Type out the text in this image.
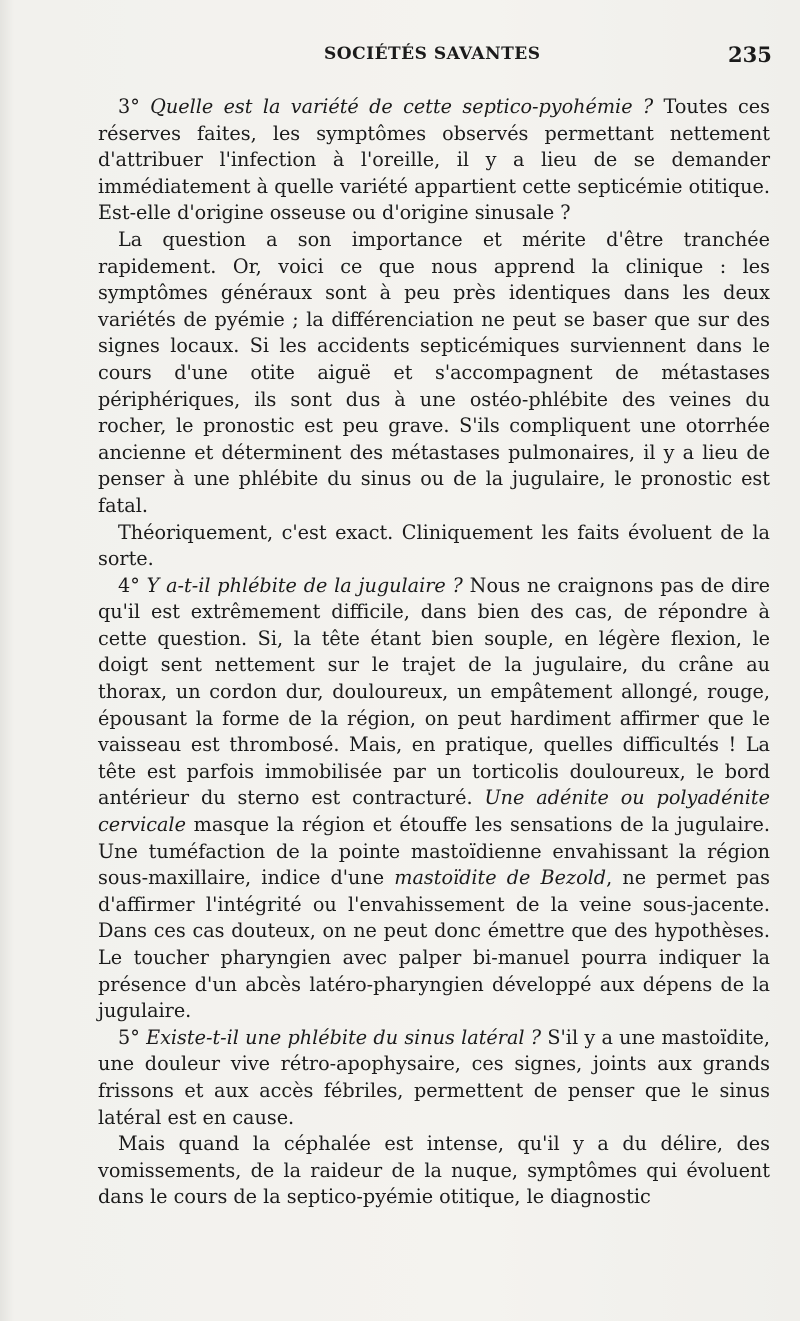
SOCIÉTÉS SAVANTES	235

3° Quelle est la variété de cette septico-pyohémie ? Toutes ces réserves faites, les symptômes observés permettant nettement d'attribuer l'infection à l'oreille, il y a lieu de se demander immédiatement à quelle variété appartient cette septicémie otitique. Est-elle d'origine osseuse ou d'origine sinusale ?

La question a son importance et mérite d'être tranchée rapidement. Or, voici ce que nous apprend la clinique : les symptômes généraux sont à peu près identiques dans les deux variétés de pyémie ; la différenciation ne peut se baser que sur des signes locaux. Si les accidents septicémiques surviennent dans le cours d'une otite aiguë et s'accompagnent de métastases périphériques, ils sont dus à une ostéo-phlébite des veines du rocher, le pronostic est peu grave. S'ils compliquent une otorrhée ancienne et déterminent des métastases pulmonaires, il y a lieu de penser à une phlébite du sinus ou de la jugulaire, le pronostic est fatal.

Théoriquement, c'est exact. Cliniquement les faits évoluent de la sorte.

4° Y a-t-il phlébite de la jugulaire ? Nous ne craignons pas de dire qu'il est extrêmement difficile, dans bien des cas, de répondre à cette question. Si, la tête étant bien souple, en légère flexion, le doigt sent nettement sur le trajet de la jugulaire, du crâne au thorax, un cordon dur, douloureux, un empâtement allongé, rouge, épousant la forme de la région, on peut hardiment affirmer que le vaisseau est thrombosé. Mais, en pratique, quelles difficultés ! La tête est parfois immobilisée par un torticolis douloureux, le bord antérieur du sterno est contracturé. Une adénite ou polyadénite cervicale masque la région et étouffe les sensations de la jugulaire. Une tuméfaction de la pointe mastoïdienne envahissant la région sous-maxillaire, indice d'une mastoïdite de Bezold, ne permet pas d'affirmer l'intégrité ou l'envahissement de la veine sous-jacente. Dans ces cas douteux, on ne peut donc émettre que des hypothèses. Le toucher pharyngien avec palper bi-manuel pourra indiquer la présence d'un abcès latéro-pharyngien développé aux dépens de la jugulaire.

5° Existe-t-il une phlébite du sinus latéral ? S'il y a une mastoïdite, une douleur vive rétro-apophysaire, ces signes, joints aux grands frissons et aux accès fébriles, permettent de penser que le sinus latéral est en cause.

Mais quand la céphalée est intense, qu'il y a du délire, des vomissements, de la raideur de la nuque, symptômes qui évoluent dans le cours de la septico-pyémie otitique, le diagnostic
